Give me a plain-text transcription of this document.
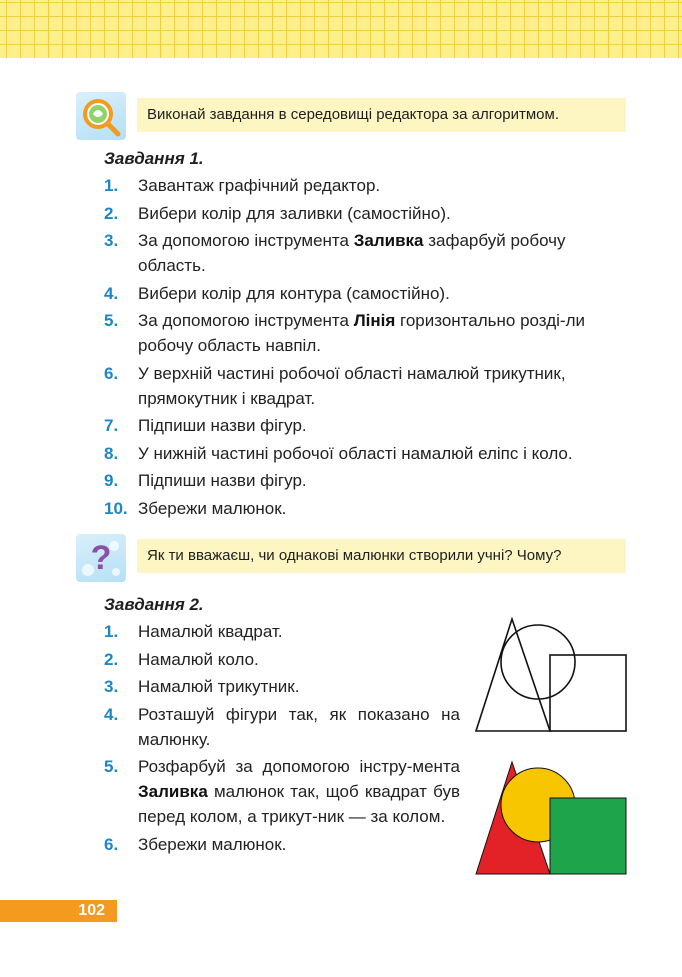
Виконай завдання в середовищі редактора за алгоритмом.
Завдання 1.
1.	Завантаж графічний редактор.
2.	Вибери колір для заливки (самостійно).
3.	За допомогою інструмента Заливка зафарбуй робочу область.
4.	Вибери колір для контура (самостійно).
5.	За допомогою інструмента Лінія горизонтально розді-ли робочу область навпіл.
6.	У верхній частині робочої області намалюй трикутник, прямокутник і квадрат.
7.	Підпиши назви фігур.
8.	У нижній частині робочої області намалюй еліпс і коло.
9.	Підпиши назви фігур.
10. Збережи малюнок.
?	Як ти вважаєш, чи однакові малюнки створили учні? Чому?
Завдання 2.
1.	Намалюй квадрат.
2.	Намалюй коло.
3.	Намалюй трикутник.
4.	Розташуй фігури так, як показано на малюнку.
5.	Розфарбуй за допомогою інстру-мента Заливка малюнок так, щоб квадрат був перед колом, а трикут-ник — за колом.
6.	Збережи малюнок.
102
